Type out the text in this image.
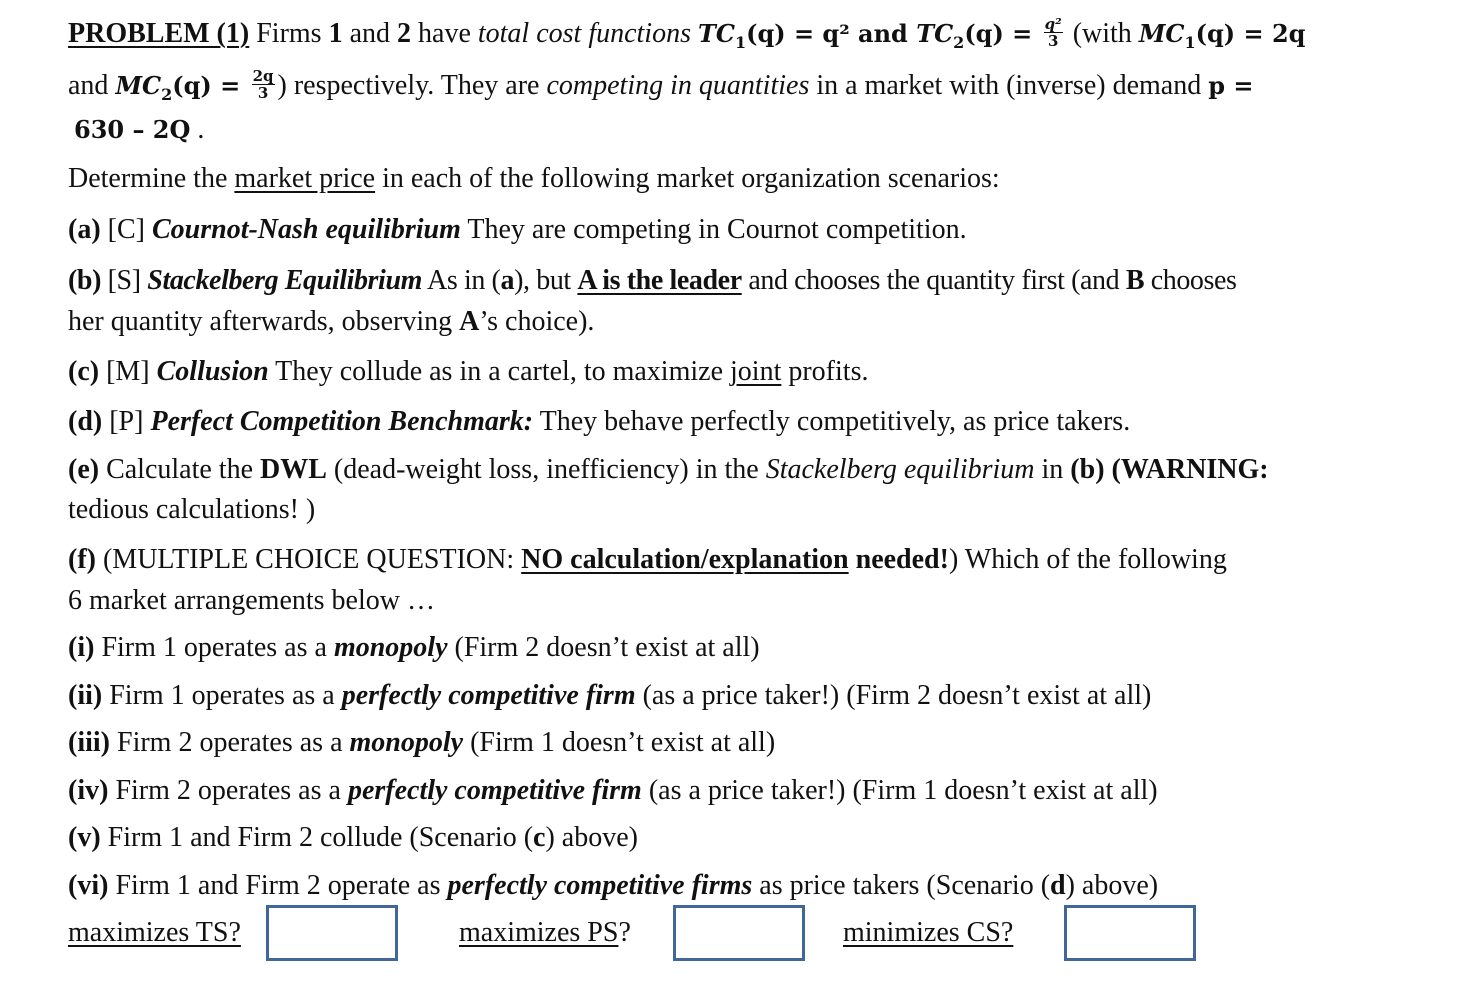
PROBLEM (1) Firms 1 and 2 have total cost functions $TC_1(q) = q^2$ and $TC_2(q) = \frac{\text{q²}}{3}$ (with $MC_1(q) = 2q$
and $MC_2(q) = \frac{2q}{3}$ ) respectively. They are competing in quantities in a market with (inverse) demand p =
630 – 2Q .
Determine the market price in each of the following market organization scenarios:
(a) [C] Cournot-Nash equilibrium They are competing in Cournot competition.
(b) [S] Stackelberg Equilibrium As in (a), but A is the leader and chooses the quantity first (and B chooses
her quantity afterwards, observing A’s choice).
(c) [M] Collusion They collude as in a cartel, to maximize joint profits.
(d) [P] Perfect Competition Benchmark: They behave perfectly competitively, as price takers.
(e) Calculate the DWL (dead-weight loss, inefficiency) in the Stackelberg equilibrium in (b) (WARNING:
tedious calculations! )
(f) (MULTIPLE CHOICE QUESTION: NO calculation/explanation needed!) Which of the following
6 market arrangements below …
(i) Firm 1 operates as a monopoly (Firm 2 doesn’t exist at all)
(ii) Firm 1 operates as a perfectly competitive firm (as a price taker!) (Firm 2 doesn’t exist at all)
(iii) Firm 2 operates as a monopoly (Firm 1 doesn’t exist at all)
(iv) Firm 2 operates as a perfectly competitive firm (as a price taker!) (Firm 1 doesn’t exist at all)
(v) Firm 1 and Firm 2 collude (Scenario (c) above)
(vi) Firm 1 and Firm 2 operate as perfectly competitive firms as price takers (Scenario (d) above)
maximizes TS?	maximizes PS?	minimizes CS?
